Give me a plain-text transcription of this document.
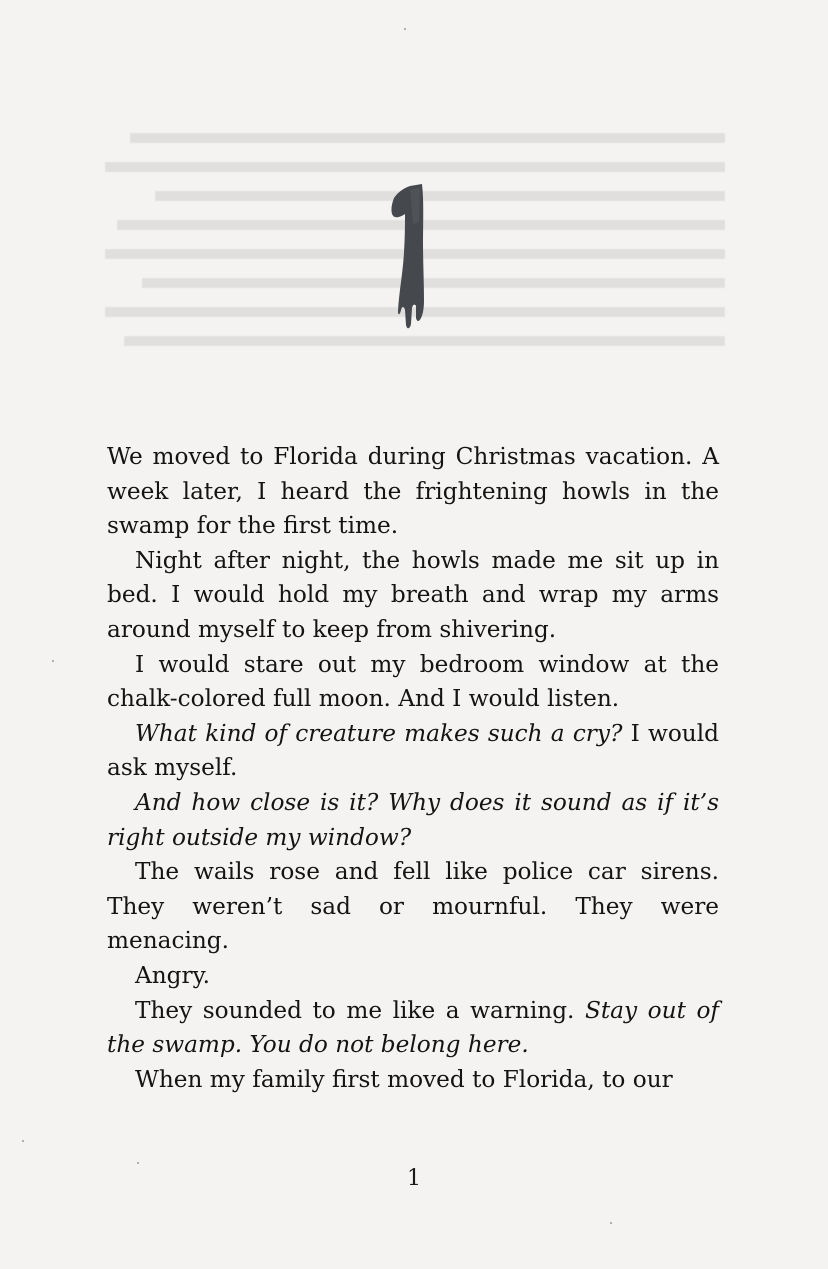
We moved to Florida during Christmas vacation. A week later, I heard the frightening howls in the swamp for the first time.

Night after night, the howls made me sit up in bed. I would hold my breath and wrap my arms around myself to keep from shivering.

I would stare out my bedroom window at the chalk-colored full moon. And I would listen.

What kind of creature makes such a cry? I would ask myself.

And how close is it? Why does it sound as if it’s right outside my window?

The wails rose and fell like police car sirens. They weren’t sad or mournful. They were menacing.

Angry.

They sounded to me like a warning. Stay out of the swamp. You do not belong here.

When my family first moved to Florida, to our

1
